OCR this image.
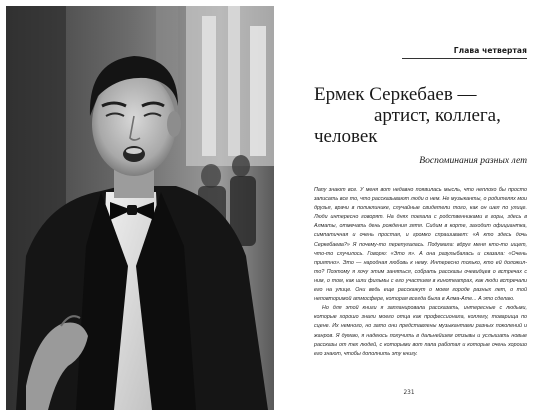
Глава четвертая
Ермек Серкебаев —
артист, коллега,
человек
Воспоминания разных лет

Папу знают все. У меня вот недавно появилась мысль, что неплохо бы просто записать все то, что рассказывают люди о нем. Не музыканты, о родителях мои друзья, врачи в поликлинике, случайные свидетели того, как он шел по улице. Люди интересно говорят. На днях поехала с родственниками в горы, здесь в Алматы, отмечать день рождения зятя. Сидим в корте, заходит официантка, симпатичная и очень простая, и громко спрашивает: «А кто здесь дочь Серкебаева?» Я почему-то перепугалась. Подумала: вдруг меня кто-то ищет, что-то случилось. Говорю: «Это я». А она разулыбалась и сказала: «Очень приятно». Это — народная любовь к нему. Интересно только, кто ей доложил-то? Поэтому я хочу этим заняться, собрать рассказы очевидцев о встречах с ним, о том, как шли фильмы с его участием в кинотеатрах, как люди встречали его на улице. Они ведь еще расскажут о моем городе разных лет, о той неповторимой атмосфере, которая всегда была в Алма-Ате... А это сделаю.

Но для этой книги я запланировала рассказать, интересные с людьми, которые хорошо знали моего отца как профессионала, коллегу, товарища по сцене. Их немного, но зато они представлены музыкантами разных поколений и жанров. Я думаю, я надеюсь получить в дальнейшем отзывы и услышать новые рассказы от тех людей, с которыми вот папа работал и которые очень хорошо его знают, чтобы дополнить эту книгу.

231
